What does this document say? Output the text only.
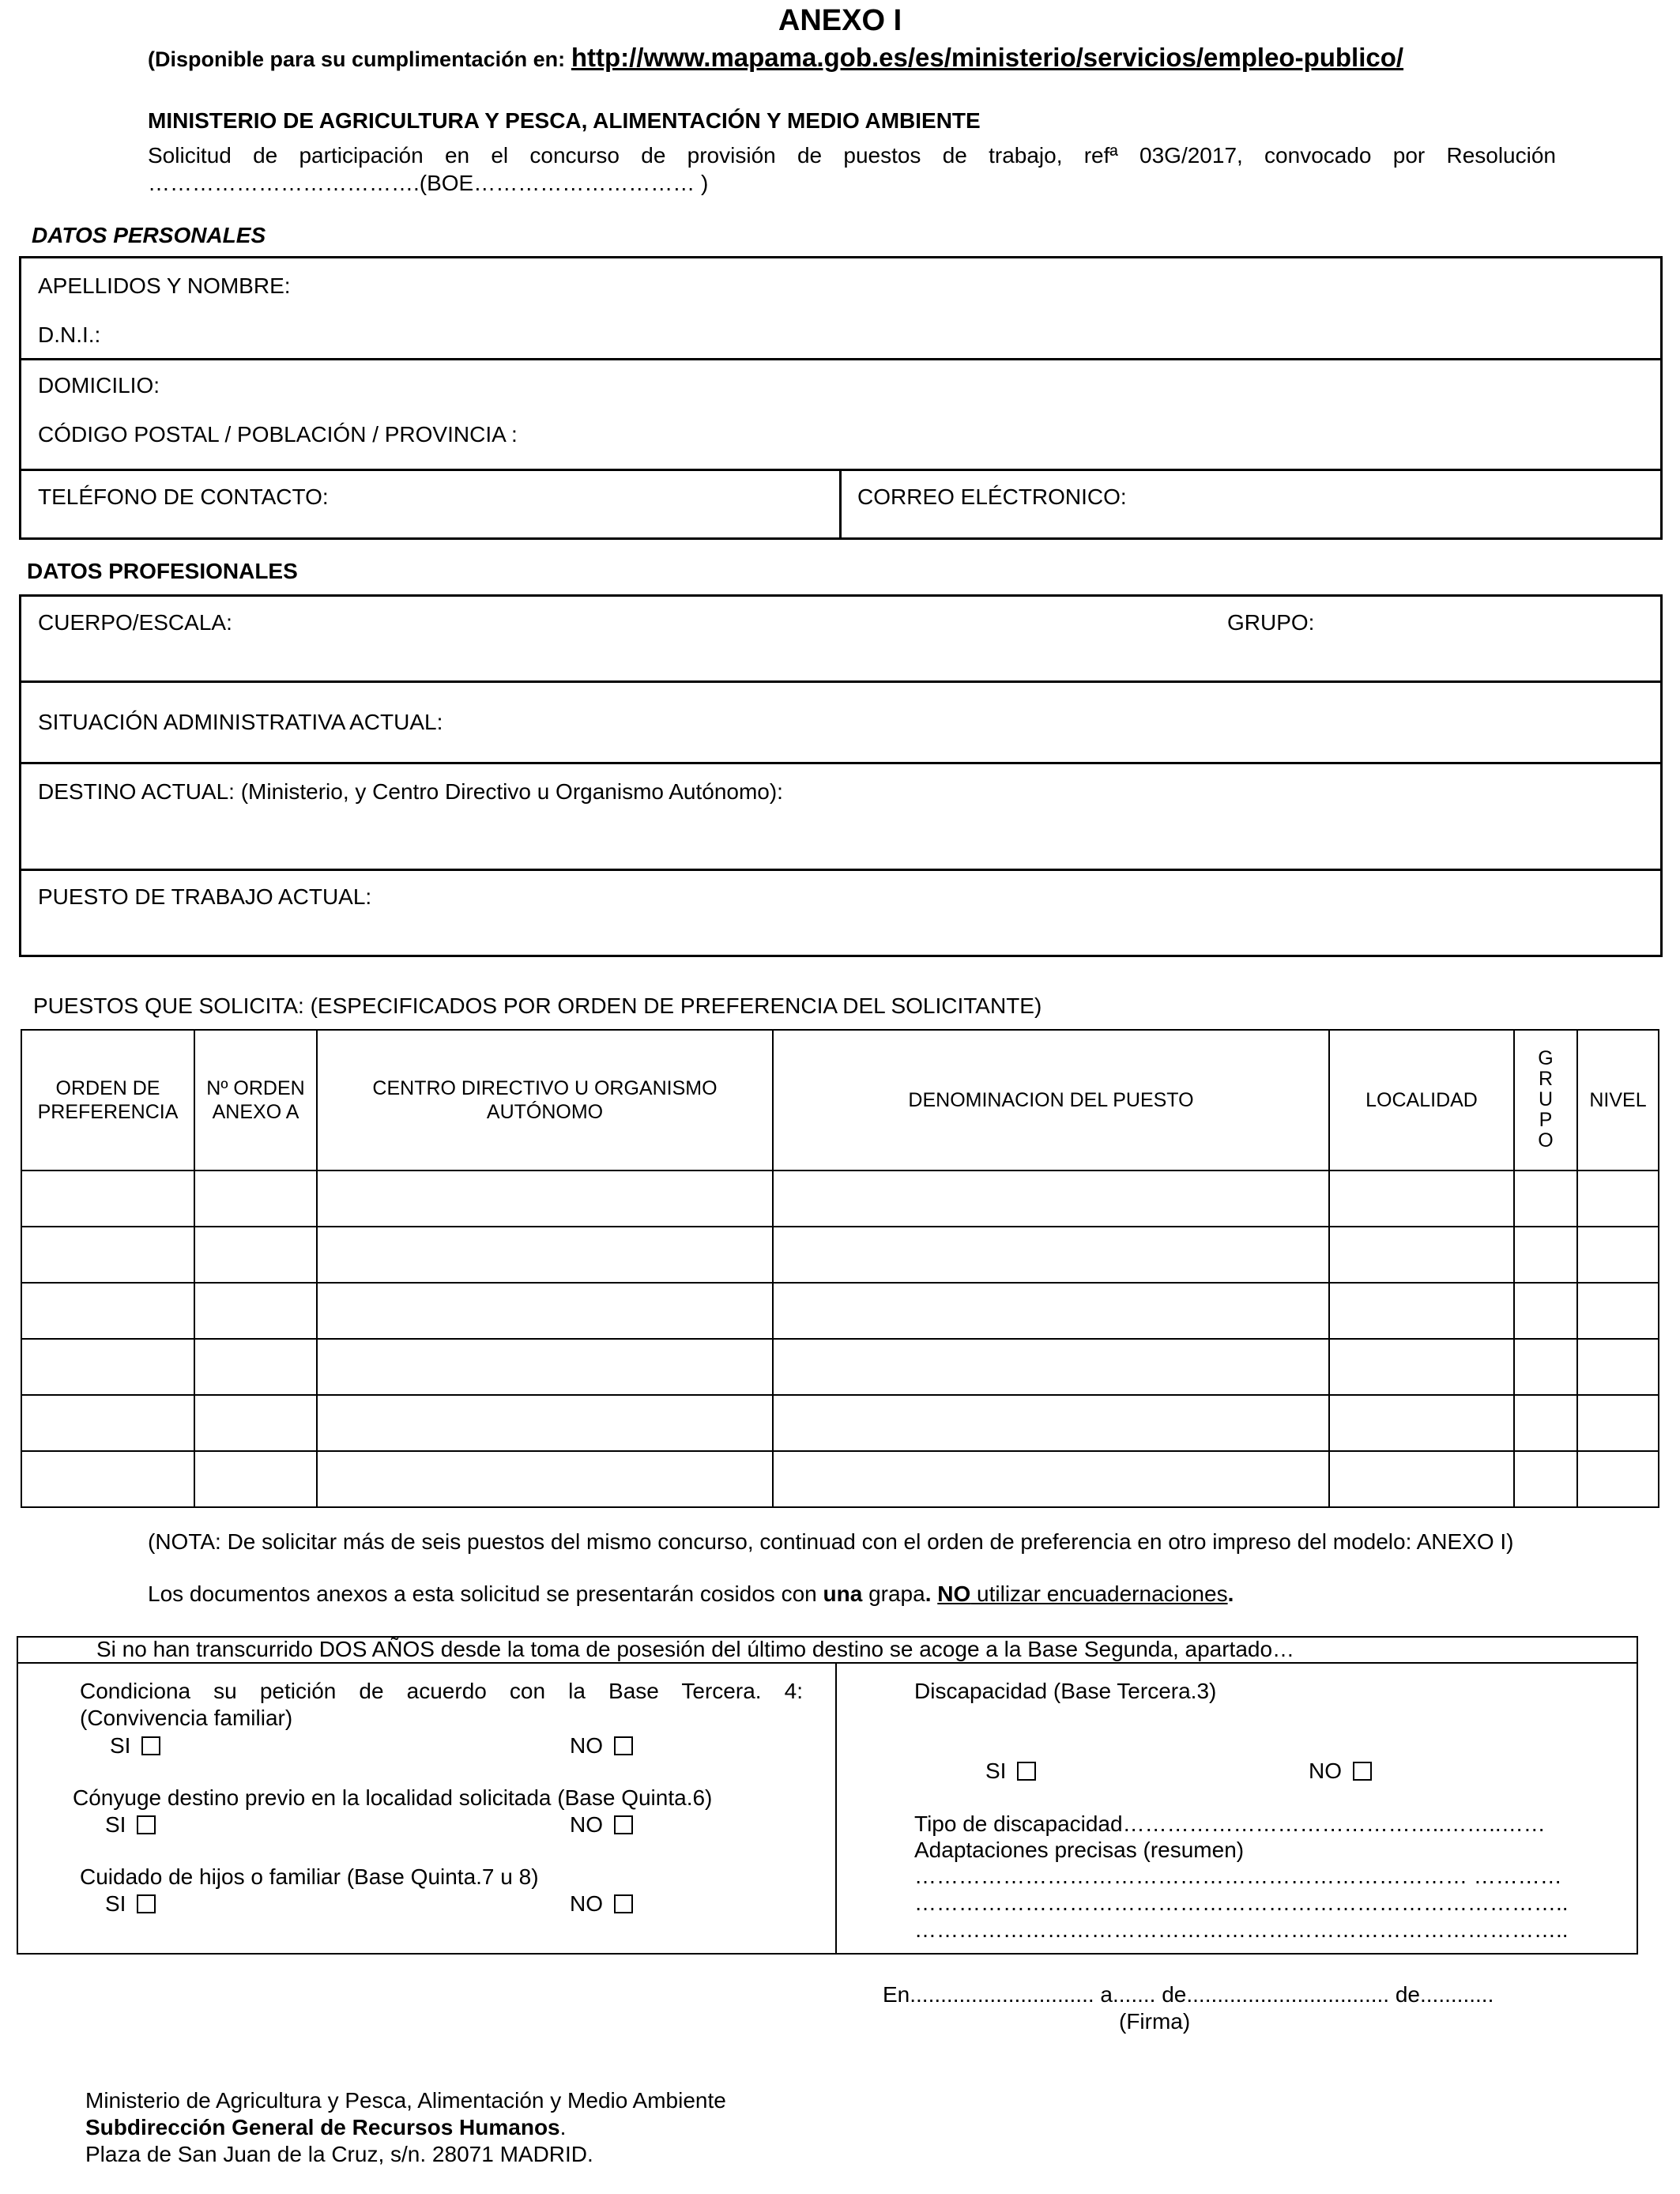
ANEXO I
(Disponible para su cumplimentación en: http://www.mapama.gob.es/es/ministerio/servicios/empleo-publico/
MINISTERIO DE AGRICULTURA Y PESCA, ALIMENTACIÓN Y MEDIO AMBIENTE
Solicitud de participación en el concurso de provisión de puestos de trabajo, refª 03G/2017, convocado por Resolución
……………………………….(BOE………………………… )
DATOS PERSONALES
APELLIDOS Y NOMBRE:
D.N.I.:
DOMICILIO:
CÓDIGO POSTAL / POBLACIÓN / PROVINCIA :
TELÉFONO DE CONTACTO:	CORREO ELÉCTRONICO:
DATOS PROFESIONALES
CUERPO/ESCALA:	GRUPO:
SITUACIÓN ADMINISTRATIVA ACTUAL:
DESTINO ACTUAL: (Ministerio, y Centro Directivo u Organismo Autónomo):
PUESTO DE TRABAJO ACTUAL:
PUESTOS QUE SOLICITA: (ESPECIFICADOS POR ORDEN DE PREFERENCIA DEL SOLICITANTE)
ORDEN DE PREFERENCIA	Nº ORDEN ANEXO A	CENTRO DIRECTIVO U ORGANISMO AUTÓNOMO	DENOMINACION DEL PUESTO	LOCALIDAD	GRUPO	NIVEL

(NOTA: De solicitar más de seis puestos del mismo concurso, continuad con el orden de preferencia en otro impreso del modelo: ANEXO I)
Los documentos anexos a esta solicitud se presentarán cosidos con una grapa. NO utilizar encuadernaciones.
Si no han transcurrido DOS AÑOS desde la toma de posesión del último destino se acoge a la Base Segunda, apartado…
Condiciona su petición de acuerdo con la Base Tercera. 4:
(Convivencia familiar)
SI	NO
Cónyuge destino previo en la localidad solicitada (Base Quinta.6)
SI	NO
Cuidado de hijos o familiar (Base Quinta.7 u 8)
SI	NO
Discapacidad (Base Tercera.3)
SI	NO
Tipo de discapacidad……………………………………..……..……
Adaptaciones precisas (resumen)
………………………………………………………………… …………
……………………………………………………………………………..
……………………………………………………………………………..
En.............................. a....... de................................. de............
(Firma)
Ministerio de Agricultura y Pesca, Alimentación y Medio Ambiente
Subdirección General de Recursos Humanos.
Plaza de San Juan de la Cruz, s/n. 28071 MADRID.
